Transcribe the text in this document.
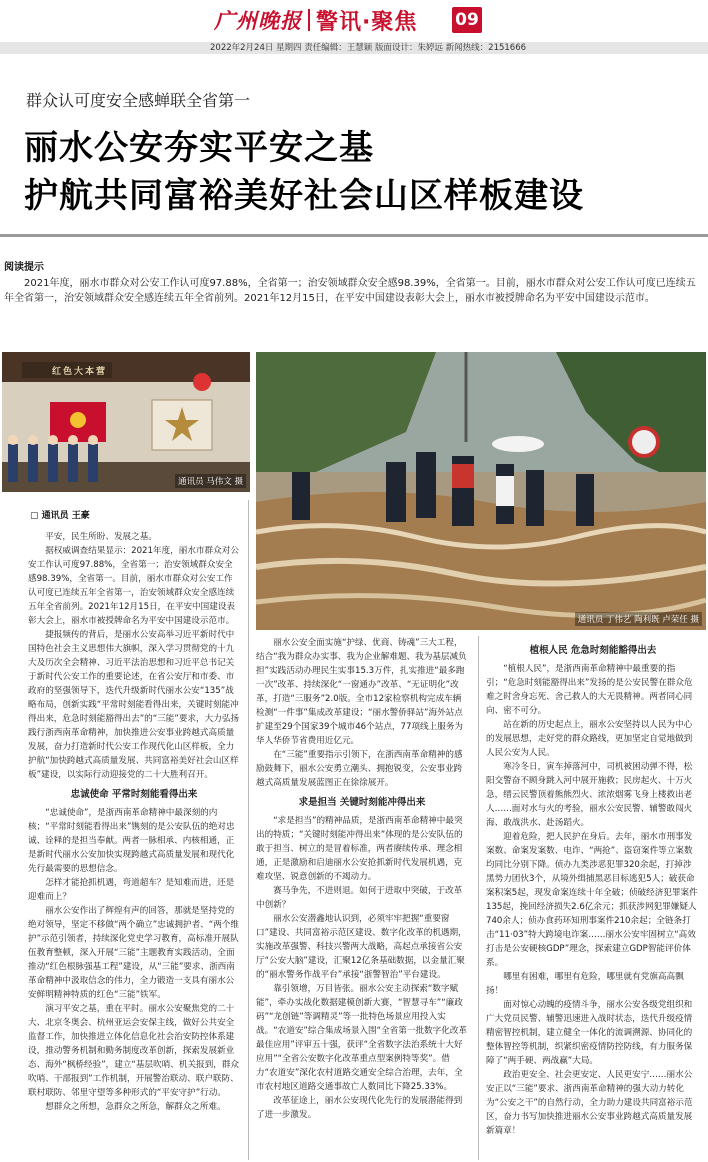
广州晚报 警讯·聚焦 09
2022年2月24日 星期四 责任编辑：王慧颖 版面设计：朱婷远 新闻热线：2151666
群众认可度安全感蝉联全省第一
丽水公安夯实平安之基
护航共同富裕美好社会山区样板建设
阅读提示
2021年度，丽水市群众对公安工作认可度97.88%，全省第一；治安领域群众安全感98.39%，全省第一。目前，丽水市群众对公安工作认可度已连续五年全省第一，治安领域群众安全感连续五年全省前列。2021年12月15日，在平安中国建设表彰大会上，丽水市被授牌命名为平安中国建设示范市。
红色大本营
通讯员 马伟文 摄
通讯员 丁伟艺 陶利既 卢荣任 摄
▢ 通讯员 王豪

平安，民生所盼、发展之基。

据权威调查结果显示：2021年度，丽水市群众对公安工作认可度97.88%，全省第一；治安领域群众安全感98.39%，全省第一。目前，丽水市群众对公安工作认可度已连续五年全省第一，治安领域群众安全感连续五年全省前列。2021年12月15日，在平安中国建设表彰大会上，丽水市被授牌命名为平安中国建设示范市。

捷报频传的背后，是丽水公安高举习近平新时代中国特色社会主义思想伟大旗帜，深入学习贯彻党的十九大及历次全会精神、习近平法治思想和习近平总书记关于新时代公安工作的重要论述，在省公安厅和市委、市政府的坚强领导下，迭代升级新时代丽水公安“135”战略布局，创新实践“平常时刻能看得出来，关键时刻能冲得出来，危急时刻能豁得出去”的“三能”要求，大力弘扬践行浙西南革命精神，加快推进公安事业跨越式高质量发展，奋力打造新时代公安工作现代化山区样板，全力护航“加快跨越式高质量发展、共同富裕美好社会山区样板”建设，以实际行动迎接党的二十大胜利召开。

忠诚使命 平常时刻能看得出来

“忠诚使命”，是浙西南革命精神中最深刻的内核；“平常时刻能看得出来”镌刻的是公安队伍的绝对忠诚、诠释的是担当奉献。两者一脉相承、内核相通，正是新时代丽水公安加快实现跨越式高质量发展和现代化先行最需要的思想信念。

怎样才能抢抓机遇，弯道超车？是知难而进，还是迎难而上？

丽水公安作出了辉煌有声的回答，那就是坚持党的绝对领导，坚定不移做“两个确立”忠诚拥护者、“两个维护”示范引领者，持续深化党史学习教育，高标准开展队伍教育整顿，深入开展“三能”主题教育实践活动，全面推动“红色根脉强基工程”建设，从“三能”要求、浙西南革命精神中汲取信念的伟力，全力锻造一支具有丽水公安鲜明精神特质的红色“三能”铁军。

演习平安之基，重在平时。丽水公安聚焦党的二十大、北京冬奥会、杭州亚运会安保主线，做好公共安全监督工作，加快推进立体化信息化社会治安防控体系建设，推动警务机制和勤务制度改革创新，探索发展新业态、海外“枫桥经验”，建立“基层吹哨、机关报到，群众吹哨、干部报到”工作机制，开展警治联动、联户联防、联村联防、邻里守望等多种形式的“平安守护”行动。

想群众之所想，急群众之所急，解群众之所难。

丽水公安全面实施“护绿、优商、铸魂”三大工程，结合“我为群众办实事、我为企业解难题、我为基层减负担”实践活动办理民生实事15.3万件，扎实推进“最多跑一次”改革、持续深化“一窗通办”改革、“无证明化”改革，打造“三服务”2.0版。全市12家检察机构完成车辆检测“一件事”集成改革建设；“丽水警侨驿站”海外站点扩建至29个国家39个城市46个站点，77项线上服务为华人华侨节省费用近亿元。

在“三能”重要指示引领下，在浙西南革命精神的感励鼓舞下，丽水公安勇立潮头、拥抱锐变，公安事业跨越式高质量发展蓝图正在徐徐展开。

求是担当 关键时刻能冲得出来

“求是担当”的精神品质，是浙西南革命精神中最突出的特质；“关键时刻能冲得出来”体现的是公安队伍的敢于担当、树立的是冒着标准，两者赓续传承、理念相通，正是激励和启迪丽水公安抢抓新时代发展机遇，克难攻坚、锐意创新的不竭动力。

赛马争先，不进则退。如何于进取中突破，于改革中创新？

丽水公安潜鑫地认识到，必须牢牢把握“重要窗口”建设、共同富裕示范区建设、数字化改革的机遇期，实施改革强警、科技兴警两大战略，高起点承接省公安厅“公安大脑”建设，汇聚12亿条基础数据，以金量汇聚的“丽水警务作战平台”承接“浙警智治”平台建设。

靠引领增，万目皆张。丽水公安主动探索“数字赋能”，牵办实战化数据建模创新大赛，“智慧寻车”“廉政码”“龙创链”等调精灵”等一批特色场景应用投入实战。“农道安”综合集成场景入围“全省第一批数字化改革最佳应用”评审五十强，获评“全省数字法治系统十大好应用”“全省公安数字化改革重点型案例特等奖”。借力“农道安”深化农村道路交通安全综合治理，去年，全市农村地区道路交通事故亡人数同比下降25.33%。

改革征途上，丽水公安现代化先行的发展潜能得到了进一步激发。

植根人民 危急时刻能豁得出去

“植根人民”，是浙西南革命精神中最重要的指引；“危急时刻能豁得出来”发扬的是公安民警在群众危难之时舍身忘死、舍己救人的大无畏精神。两者同心同向、密不可分。

站在新的历史起点上，丽水公安坚持以人民为中心的发展思想，走好党的群众路线，更加坚定自觉地做到人民公安为人民。

寒冷冬日，寅车掉落河中，司机被困动弹不得，松阳交警奋不顾身跳入河中展开施救；民房起火、十万火急，缙云民警顶着熊熊烈火、浓浓烟雾飞身上楼救出老人……面对水与火的考验，丽水公安民警、辅警敢闯火海、敢战洪水、赴汤蹈火。

迎着危险，把人民护在身后。去年，丽水市刑事发案数、命案发案数、电诈、“两抢”、盗窃案件等立案数均同比分别下降。侦办九类涉恶犯罪320余起，打掉涉黑势力团伙3个，从境外缉捕黑恶目标逃犯5人；破获命案积案5起，现发命案连续十年全破；侦破经济犯罪案件135起，挽回经济损失2.6亿余元；抓获涉网犯罪嫌疑人740余人；侦办食药环知刑事案件210余起；全链条打击“11·03”特大跨境电诈案……丽水公安牢固树立“高效打击是公安硬核GDP”理念，探索建立GDP智能评价体系。

哪里有困难，哪里有危险，哪里就有党旗高高飘扬！

面对惊心动魄的疫情斗争，丽水公安各级党组织和广大党员民警、辅警迅速进入战时状态，迭代升级疫情精密智控机制，建立健全一体化的流调溯源、协同化的整体智控等机制，织紧织密疫情防控防线，有力服务保障了“两手硬、两战赢”大局。

政治更安全、社会更安定、人民更安宁……丽水公安正以“三能”要求、浙西南革命精神的强大动力转化为“公安之干”的自然行动，全力助力建设共同富裕示范区，奋力书写加快推进丽水公安事业跨越式高质量发展新篇章！
